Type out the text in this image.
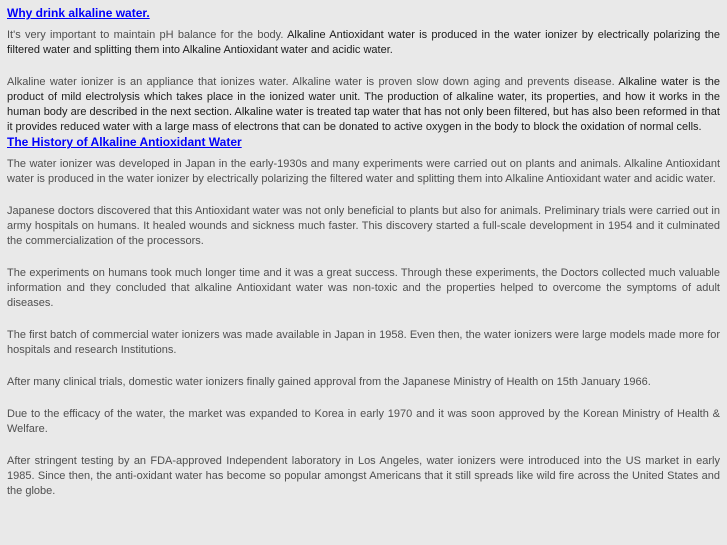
Why drink alkaline water.

It's very important to maintain pH balance for the body. Alkaline Antioxidant water is produced in the water ionizer by electrically polarizing the filtered water and splitting them into Alkaline Antioxidant water and acidic water.

Alkaline water ionizer is an appliance that ionizes water. Alkaline water is proven slow down aging and prevents disease. Alkaline water is the product of mild electrolysis which takes place in the ionized water unit. The production of alkaline water, its properties, and how it works in the human body are described in the next section. Alkaline water is treated tap water that has not only been filtered, but has also been reformed in that it provides reduced water with a large mass of electrons that can be donated to active oxygen in the body to block the oxidation of normal cells.

The History of Alkaline Antioxidant Water

The water ionizer was developed in Japan in the early-1930s and many experiments were carried out on plants and animals. Alkaline Antioxidant water is produced in the water ionizer by electrically polarizing the filtered water and splitting them into Alkaline Antioxidant water and acidic water.

Japanese doctors discovered that this Antioxidant water was not only beneficial to plants but also for animals. Preliminary trials were carried out in army hospitals on humans. It healed wounds and sickness much faster. This discovery started a full-scale development in 1954 and it culminated the commercialization of the processors.

The experiments on humans took much longer time and it was a great success. Through these experiments, the Doctors collected much valuable information and they concluded that alkaline Antioxidant water was non-toxic and the properties helped to overcome the symptoms of adult diseases.

The first batch of commercial water ionizers was made available in Japan in 1958. Even then, the water ionizers were large models made more for hospitals and research Institutions.

After many clinical trials, domestic water ionizers finally gained approval from the Japanese Ministry of Health on 15th January 1966.

Due to the efficacy of the water, the market was expanded to Korea in early 1970 and it was soon approved by the Korean Ministry of Health & Welfare.

After stringent testing by an FDA-approved Independent laboratory in Los Angeles, water ionizers were introduced into the US market in early 1985. Since then, the anti-oxidant water has become so popular amongst Americans that it still spreads like wild fire across the United States and the globe.
